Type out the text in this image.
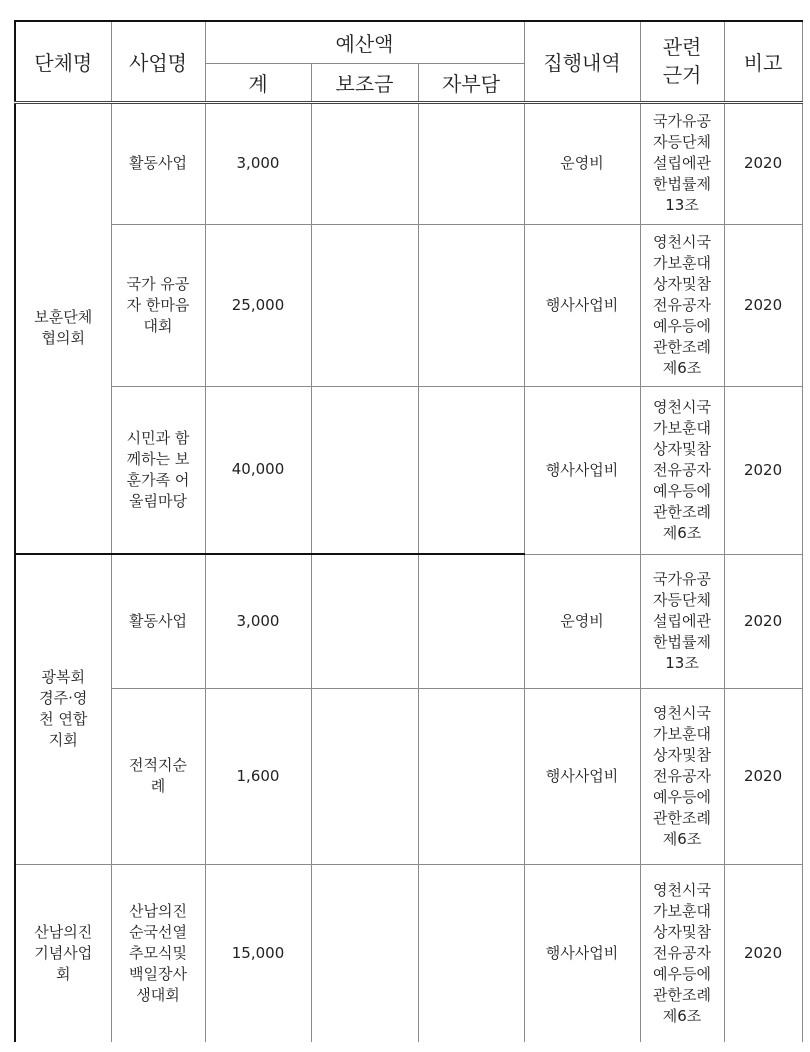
단체명	사업명	예산액			집행내역	관련 근거	비고
		계	보조금	자부담			

보훈단체 협의회	활동사업	3,000			운영비	국가유공자등단체설립에관한법률제13조	2020

	국가 유공자 한마음 대회	25,000			행사사업비	영천시국가보훈대상자및참전유공자예우등에관한조례제6조	2020

	시민과 함께하는 보훈가족 어울림마당	40,000			행사사업비	영천시국가보훈대상자및참전유공자예우등에관한조례제6조	2020

광복회 경주·영천 연합지회	활동사업	3,000			운영비	국가유공자등단체설립에관한법률제13조	2020

	전적지순례	1,600			행사사업비	영천시국가보훈대상자및참전유공자예우등에관한조례제6조	2020

산남의진 기념사업회	산남의진 순국선열 추모식및 백일장사 생대회	15,000			행사사업비	영천시국가보훈대상자및참전유공자예우등에관한조례제6조	2020
